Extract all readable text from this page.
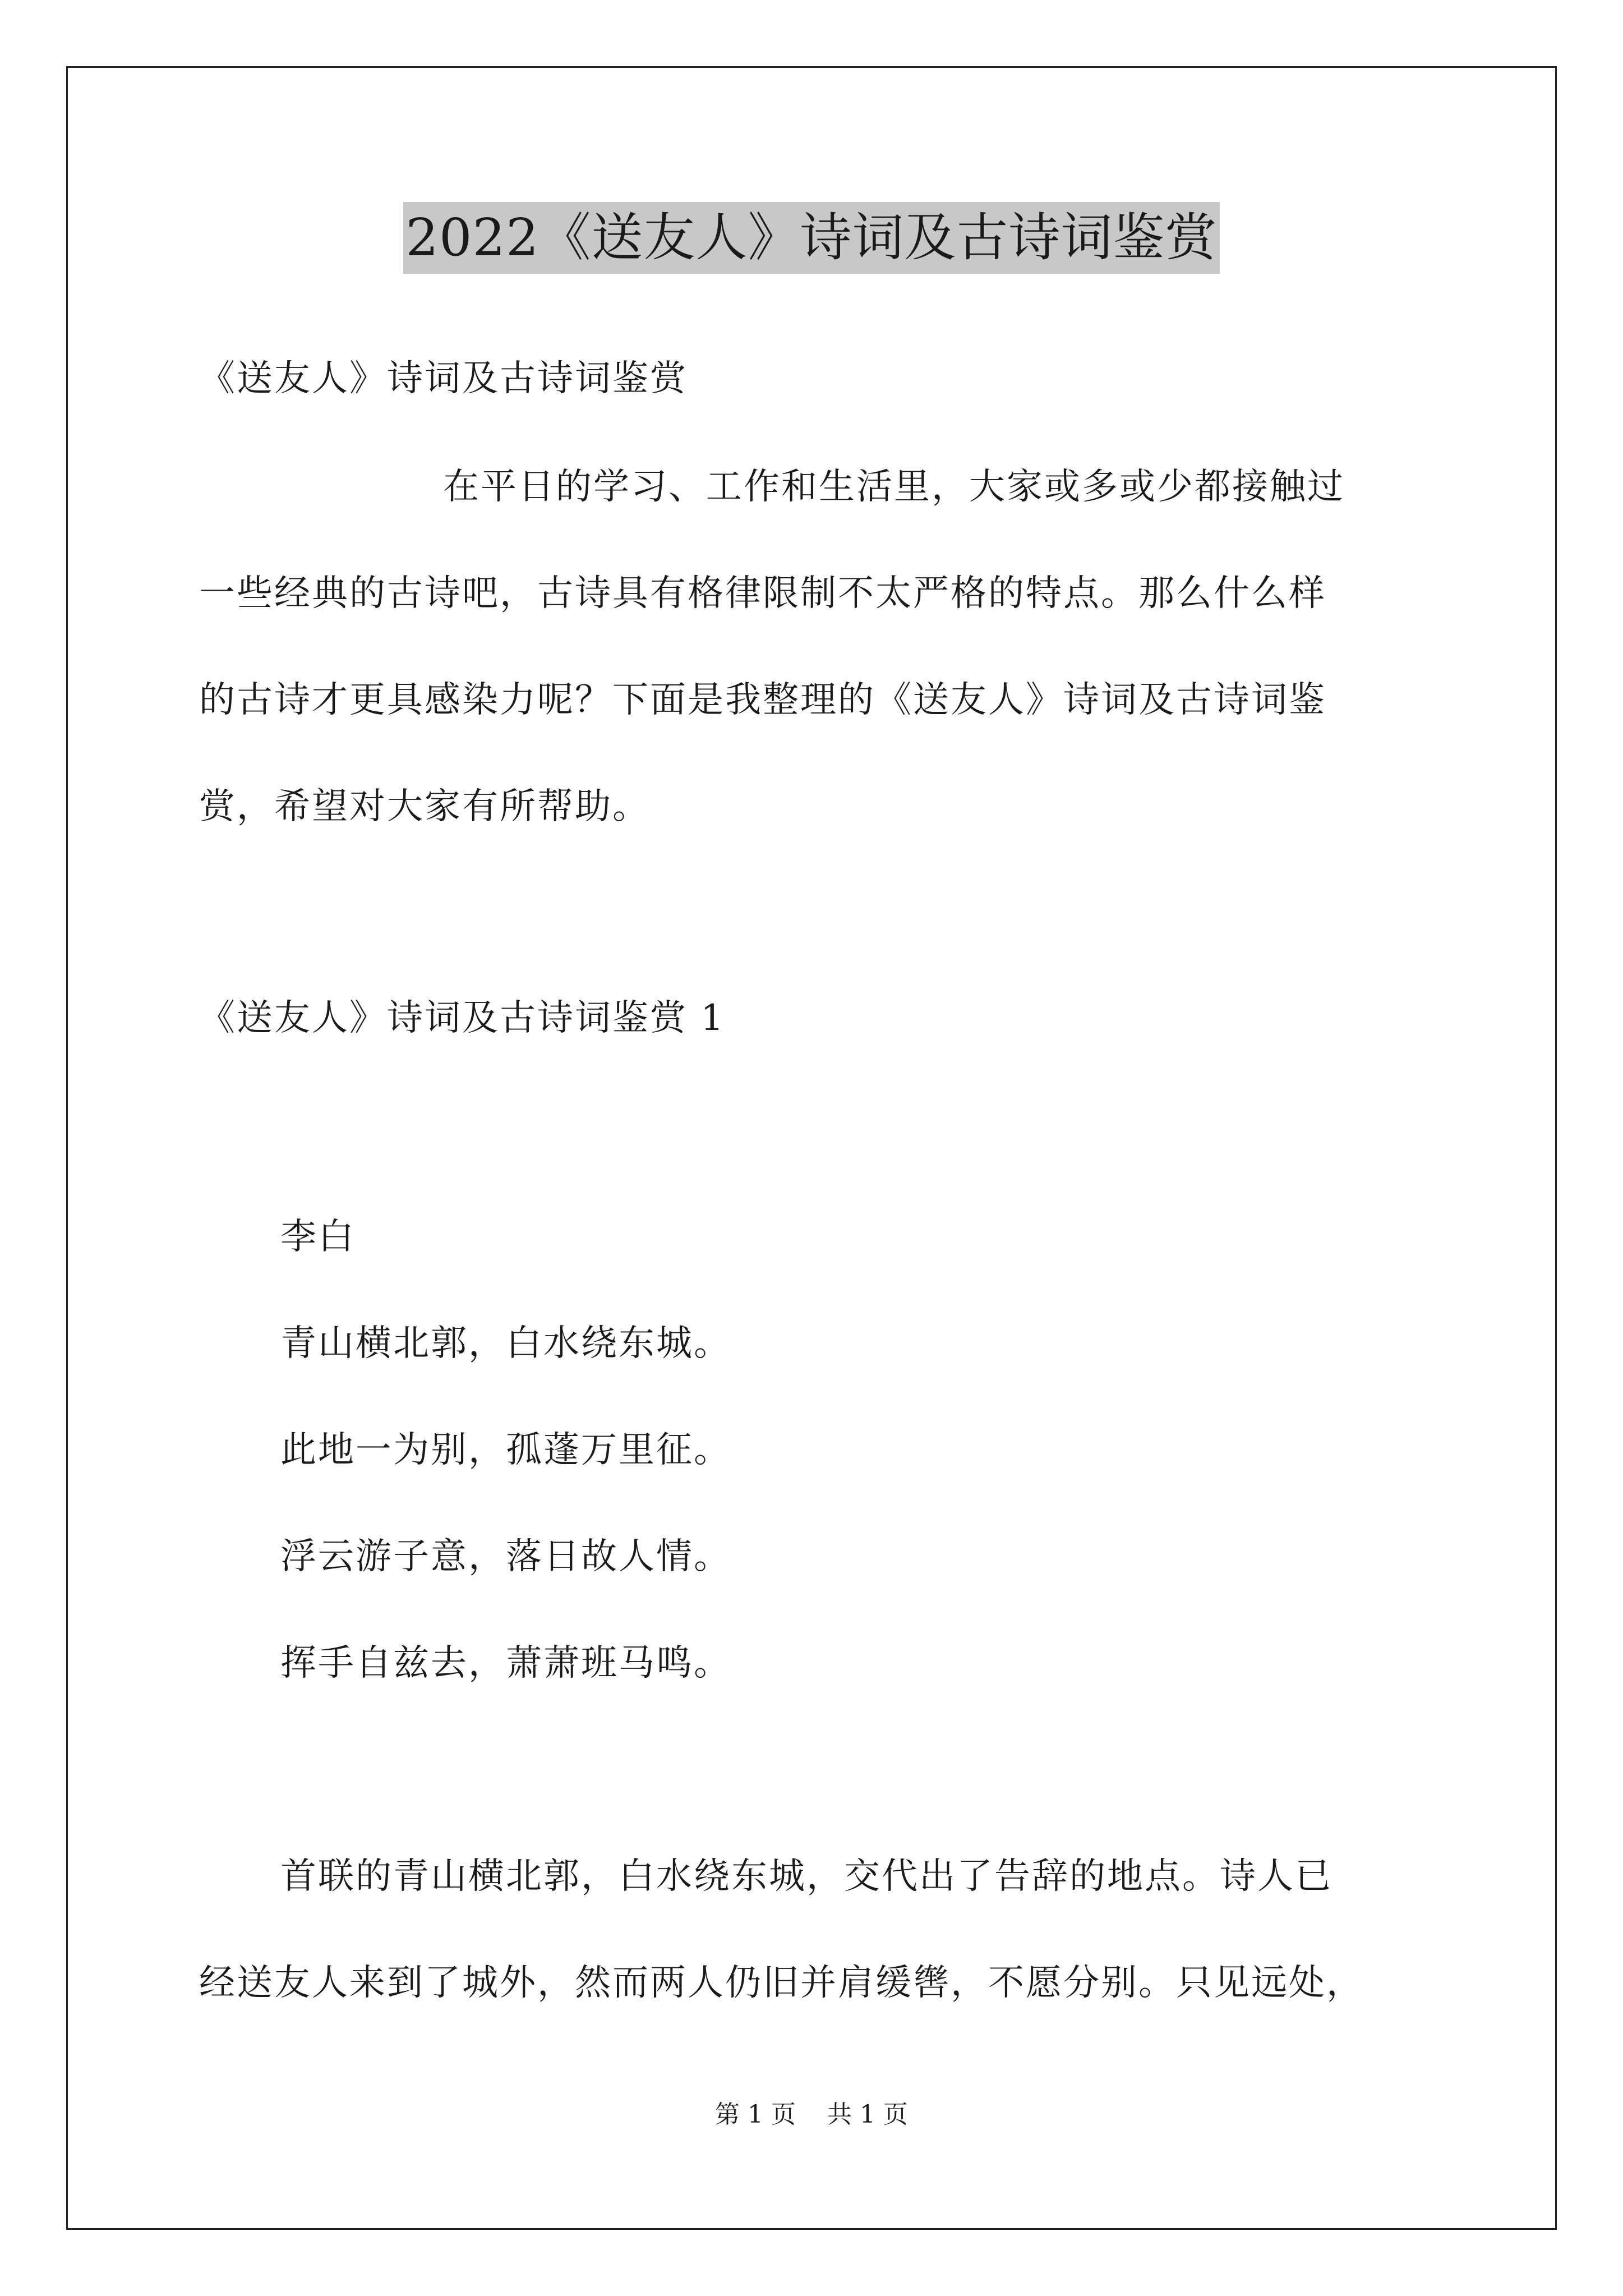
2022《送友人》诗词及古诗词鉴赏
《送友人》诗词及古诗词鉴赏
在平日的学习、工作和生活里，大家或多或少都接触过
一些经典的古诗吧，古诗具有格律限制不太严格的特点。那么什么样
的古诗才更具感染力呢？下面是我整理的《送友人》诗词及古诗词鉴
赏，希望对大家有所帮助。
《送友人》诗词及古诗词鉴赏 1
李白
青山横北郭，白水绕东城。
此地一为别，孤蓬万里征。
浮云游子意，落日故人情。
挥手自兹去，萧萧班马鸣。
首联的青山横北郭，白水绕东城，交代出了告辞的地点。诗人已
经送友人来到了城外，然而两人仍旧并肩缓辔，不愿分别。只见远处，
第 1 页    共 1 页
